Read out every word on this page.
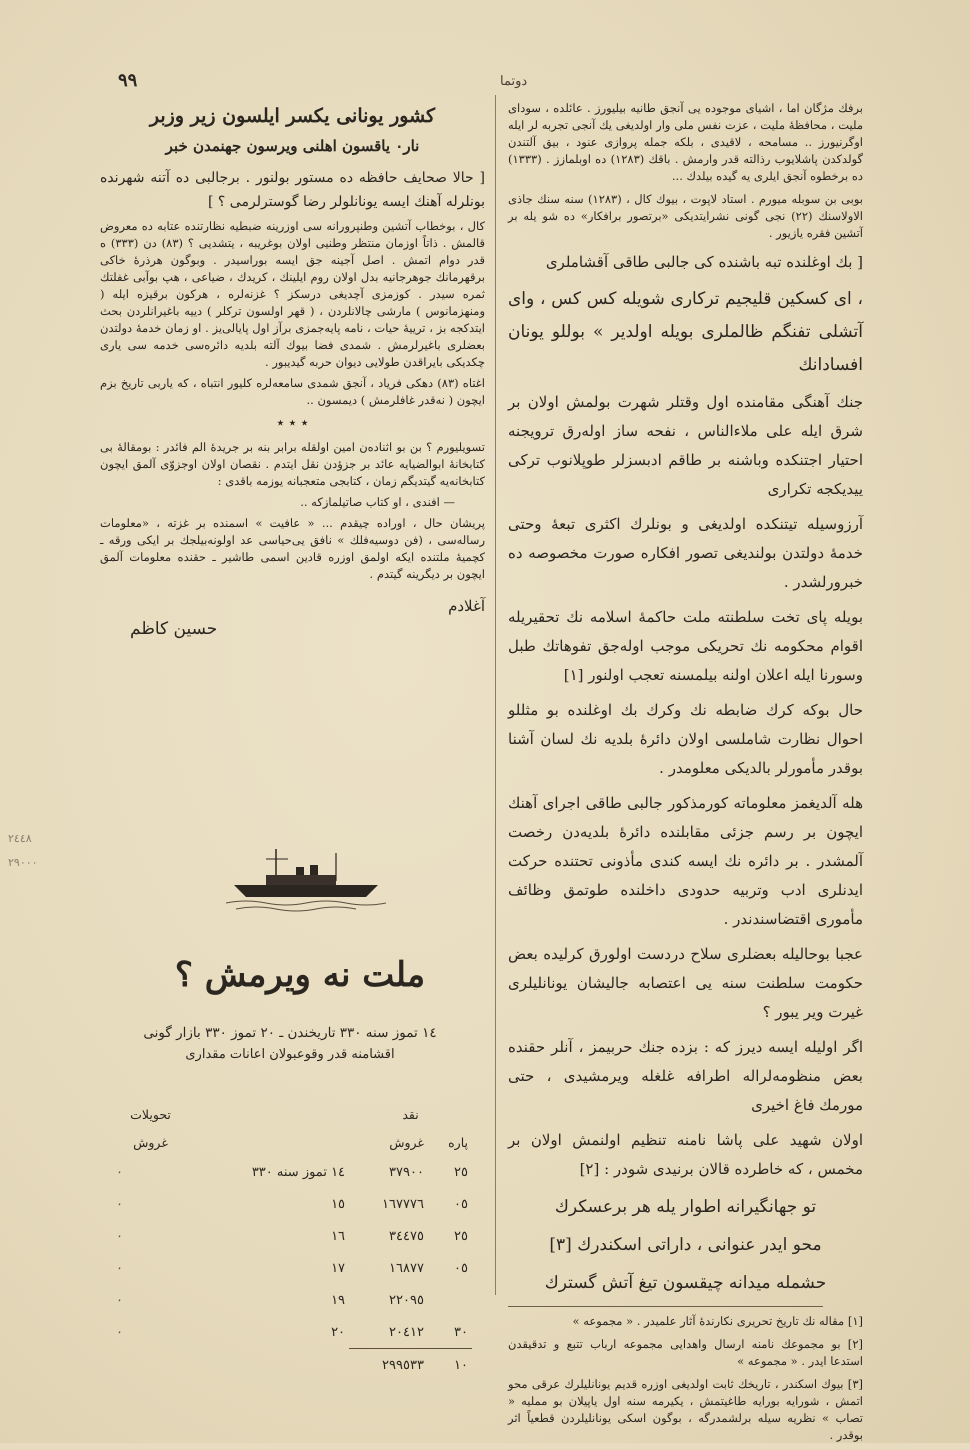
٩٩	دوتما
٢٤٤٨
٢٩٠٠٠

برفك مژگان اما ، اشیای موجوده یی آنجق طانیه بیلیورز . عائلده ، سودای ملیت ، محافظهٔ ملیت ، عزت نفس ملی وار اولدیغی یك آنجی تجربه لر ایله اوگرنیورز .. مسامحه ، لاقیدی ، بلكه جمله پروازی عنود ، بیق آلتندن گولدکدن پاشلایوب رذالته قدر وارمش . باقك (١٢٨٣) ده اوبلمازز . (١٣٣٣) ده برخطوه آنجق ایلری یه گیده بیلدك ...

بوبی بن سوبله میورم . استاد لاپوت ، بیوك كال ، (١٢٨٣) سنه سنك جاذی الاولاسنك (٢٢) نجی گونی نشرایتدیكی «برتصور برافكار» ده شو یله بر آتشین فقره یازیور .

[ بك اوغلنده تبه باشنده كی جالبی طاقی آقشاملری

، ای كسكین قلیجیم تركاری شویله كس كس ، وای آتشلی تفنگم ظالملری بویله اولدیر » بوللو یونان افسادانك

جنك آهنگی مقامنده اول وقتلر شهرت بولمش اولان بر شرق ایله علی ملاءالناس ، نفحه ساز اوله‌رق ترویجنه احتیار اجتنكده وباشنه بر طاقم ادبسزلر طوپلانوب تركی ییدیكجه تكراری

آرزوسیله تیتنكده اولدیغی و بونلرك اكثری تبعهٔ وحتی خدمهٔ دولتدن بولندیغی تصور افكاره صورت مخصوصه ده خبرورلشدر .

بویله پای تخت سلطنته ملت حاكمهٔ اسلامه نك تحقیریله اقوام محكومه نك تحریكی موجب اوله‌جق تفوهاتك طبل وسورنا ایله اعلان اولنه بیلمسنه تعجب اولنور [١]

حال بوكه كرك ضابطه نك وكرك بك اوغلنده بو مثللو احوال نظارت شاملسی اولان دائرهٔ بلدیه نك لسان آشنا بوقدر مأمورلر بالدیكی معلومدر .

هله آلدیغمز معلوماته كورمذكور جالبی طاقی اجرای آهنك ایچون بر رسم جزئی مقابلنده دائرهٔ بلدیه‌دن رخصت آلمشدر . بر دائره نك ایسه كندی مأذونی تحتنده حركت ایدنلری ادب وتربیه حدودی داخلنده طوتمق وظائف مأموری اقتضاسندندر .

عجبا بوحالیله بعضلری سلاح دردست اولورق كرلیده بعض حكومت سلطنت سنه یی اعتصابه جالیشان یونانلیلری غیرت ویر یبور ؟

اگر اولیله ایسه دیرز كه : بزده جنك حربیمز ، آنلر حقنده بعض منظومه‌لراله اطرافه غلغله ویرمشیدی ، حتی مورمك فاغ اخیری

اولان شهید علی پاشا نامنه تنظیم اولنمش اولان بر مخمس ، كه خاطرده قالان برنیدی شودر : [٢]

تو جهانگیرانه اطوار یله هر برعسكرك
محو ایدر عنوانی ، داراتی اسكندرك [٣]
حشمله میدانه چیقسون تیغ آتش گسترك

[١] مقاله نك تاریخ تحریری نكارندهٔ آثار علمیدر . « مجموعه »

[٢] بو مجموعك نامنه ارسال واهدایی مجموعه ارباب تتبع و تدقیقدن استدعا ایدر . « مجموعه »

[٣] بیوك اسكندر ، تاریخك ثابت اولدیغی اوزره قدیم یونانلیلرك عرقی محو اتمش ، شورایه بورایه طاغیتمش ، یكیرمه سنه اول یاپیلان بو مملیه « تصاب » نظریه سیله برلشمدرگه ، بوگون اسكی یونانلیلردن قطعیاً اثر بوقدر .

كشور یونانی یكسر ایلسون زیر وزبر
نار٠ یاقسون اهلنی ویرسون جهنمدن خبر

[ حالا صحایف حافظه ده مستور بولنور . برجالبی ده آتنه شهرنده بونلرله آهنك ایسه یونانلولر رضا گوسترلرمی ؟ ]

كال ، بوخطاب آتشین وطنپرورانه سی اوزرینه ضبطیه نظارتنده عتابه ده معروض قالمش . ذاتاً اوزمان منتظر وطنیی اولان بوغریبه ، یتشدیی ؟ (٨٣) دن (٣٣٣) ه قدر دوام اتمش . اصل آجینه جق ایسه بوراسیدر . وبوگون هرذرهٔ خاكی برقهرمانك جوهرجانیه بدل اولان روم ایلینك ، كریدك ، ضیاعی ، هپ بوآبی غفلتك ثمره سیدر . كوزمزی آچدیغی درسكز ؟ غزنه‌لره ، هركون برقیزه ایله ( ومنهزمانوس ) مارشی چالانلردن ، ( قهر اولسون تركلر ) دییه باغیرانلردن بحث ایتدكجه بز ، ترییهٔ حیات ، نامه پایه‌جمزی برآز اول پایالی‌یز . او زمان خدمهٔ دولتدن بعضلری باغیرلرمش . شمدی فضا بیوك آلته بلدیه دائره‌سی خدمه سی یاری چكدیكی بایراقدن طولایی دیوان حربه گیدیبور .

اغتاه (٨٣) دهكی فریاد ، آنجق شمدی سامعه‌لره كلیور انتباه ، كه یاربی تاریخ بزم ایچون ( نه‌قدر غافلرمش ) دیمسون ..

٭ ٭ ٭

تسویلیورم ؟ بن بو اثناده‌ن امین اولقله برابر بنه بر جریدهٔ الم فائدر : بومقالهٔ بی كتابخانهٔ ابوالضیایه عائد بر جزؤدن نقل ایتدم . نقصان اولان اوجزوّی آلمق ایچون كتابخانه‌یه گیتدیگم زمان ، كتابجی متعجبانه یوزمه باقدی :

— افندی ، او كتاب صاتیلمازكه ..

پریشان حال ، اوراده چیقدم ... « عافیت » اسمنده بر غزته ، «معلومات رساله‌سی ، (فن دوسیه‌فلك » نافق یی‌حیاسی عد اولونه‌بیلجك بر ایكی ورقه ـ كچمیهٔ ملتنده ایكه اولمق اوزره قادین اسمی طاشیر ـ حقنده معلومات آلمق ایچون بر دیگرینه گیتدم .

آغلادم

حسین كاظم

ملت نه ویرمش ؟
١٤ تموز سنه ٣٣٠ تاریخندن ـ ٢٠ تموز ٣٣٠ بازار گونی
اقشامنه قدر وقوعبولان اعانات مقداری
نقد			تحویلات
پاره	غروش		غروش
٢٥	٣٧٩٠٠	١٤ تموز سنه ٣٣٠	٠
٠٥	١٦٧٧٧٦	١٥	٠
٢٥	٣٤٤٧٥	١٦	٠
٠٥	١٦٨٧٧	١٧	٠
	٢٢٠٩٥	١٩	٠
٣٠	٢٠٤١٢	٢٠	٠
١٠	٢٩٩٥٣٣		
